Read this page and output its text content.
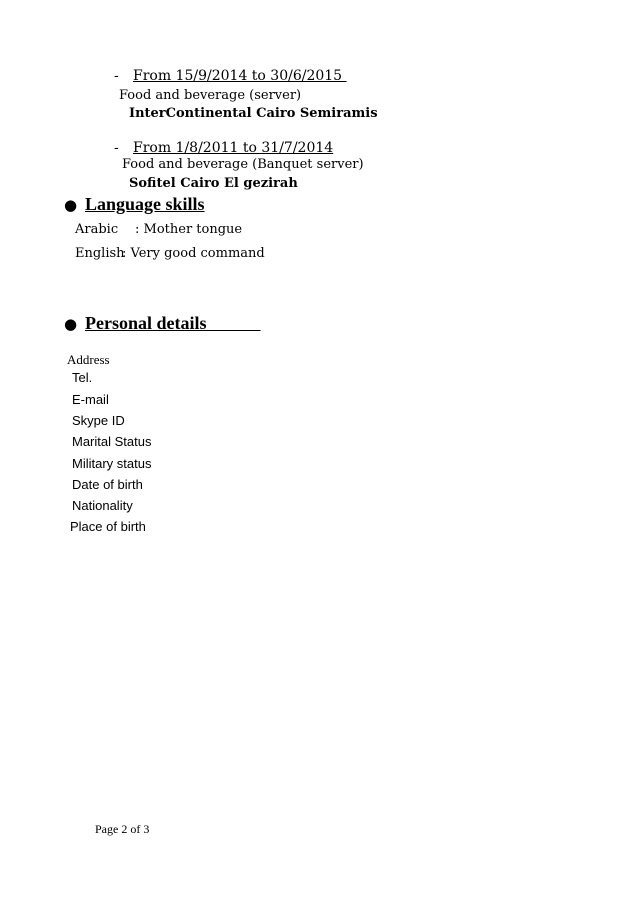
- From 15/9/2014 to 30/6/2015
Food and beverage (server)
InterContinental Cairo Semiramis
- From 1/8/2011 to 31/7/2014
Food and beverage (Banquet server)
Sofitel Cairo El gezirah
● Language skills
Arabic : Mother tongue
English
: Very good command
● Personal details
Address
Tel.
E-mail
Skype ID
Marital Status
Military status
Date of birth
Nationality
Place of birth
Page 2 of 3
